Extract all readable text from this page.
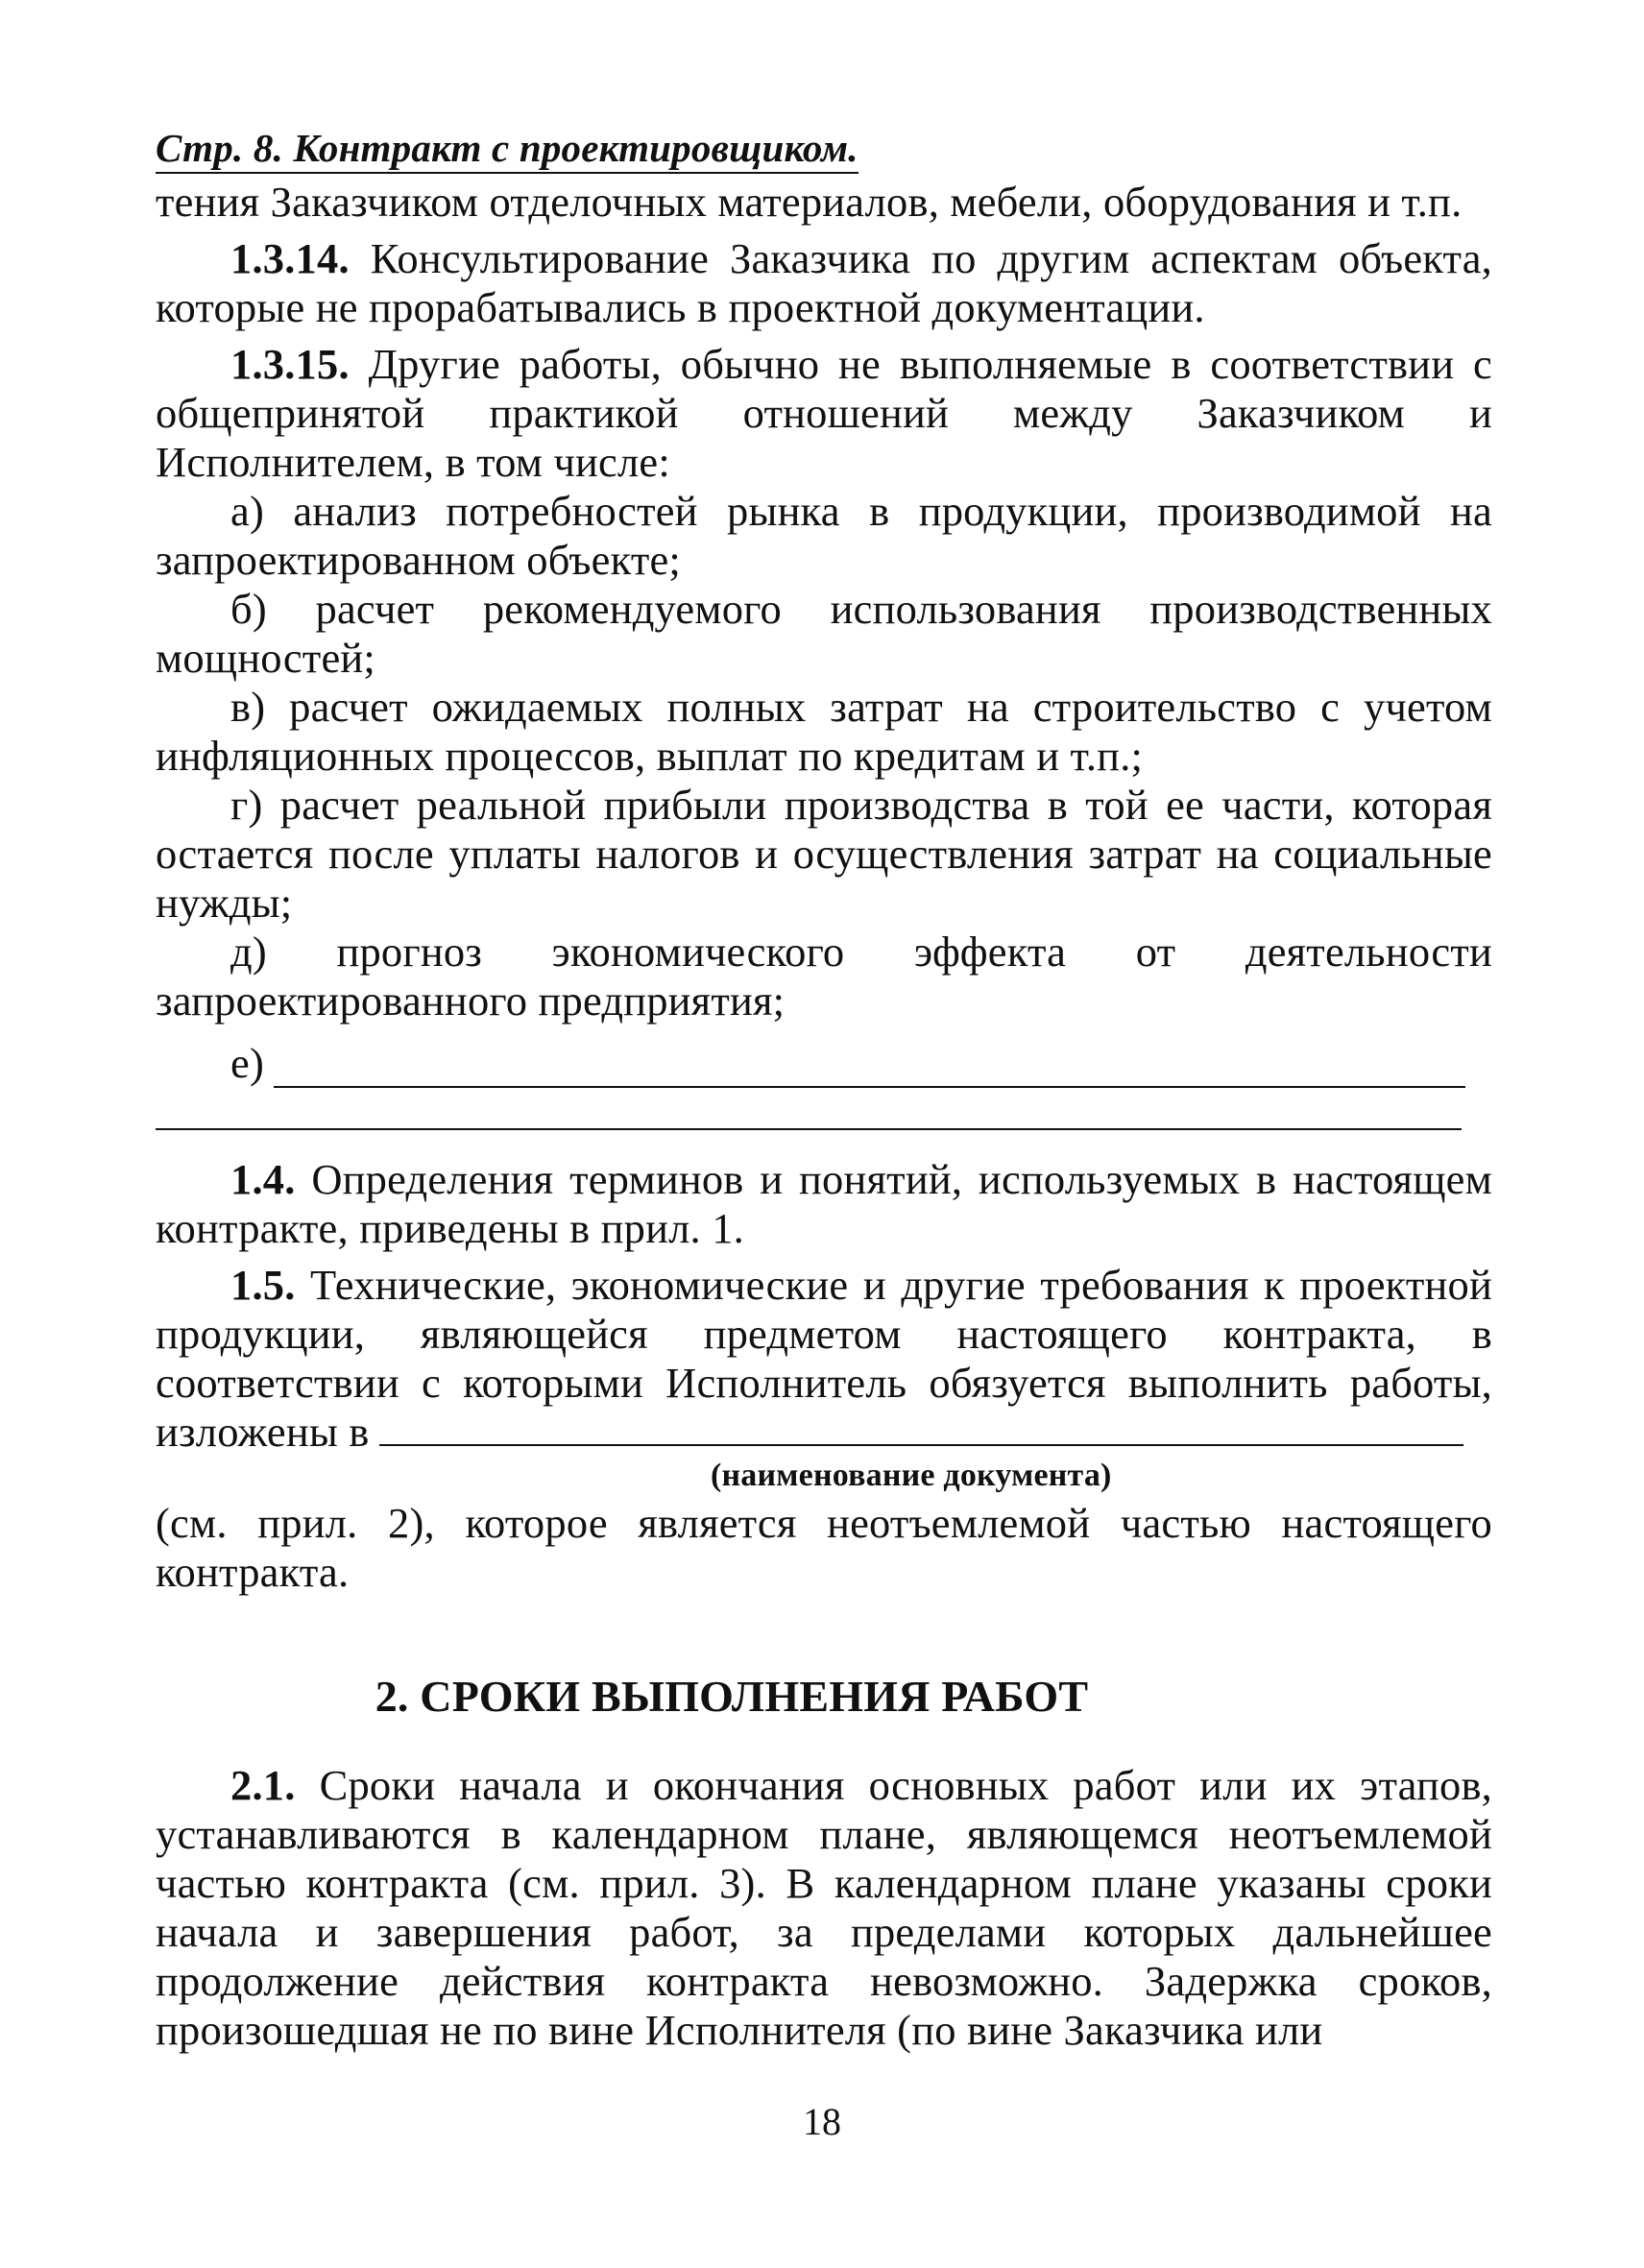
Стр. 8. Контракт с проектировщиком.

тения Заказчиком отделочных материалов, мебели, оборудования и т.п.

1.3.14. Консультирование Заказчика по другим аспектам объекта, которые не прорабатывались в проектной документации.

1.3.15. Другие работы, обычно не выполняемые в соответствии с общепринятой практикой отношений между Заказчиком и Исполнителем, в том числе:

а) анализ потребностей рынка в продукции, производимой на запроектированном объекте;

б) расчет рекомендуемого использования производственных мощностей;

в) расчет ожидаемых полных затрат на строительство с учетом инфляционных процессов, выплат по кредитам и т.п.;

г) расчет реальной прибыли производства в той ее части, которая остается после уплаты налогов и осуществления затрат на социальные нужды;

д) прогноз экономического эффекта от деятельности запроектированного предприятия;

е)

1.4. Определения терминов и понятий, используемых в настоящем контракте, приведены в прил. 1.

1.5. Технические, экономические и другие требования к проектной продукции, являющейся предметом настоящего контракта, в соответствии с которыми Исполнитель обязуется выполнить работы, изложены в

(наименование документа)

(см. прил. 2), которое является неотъемлемой частью настоящего контракта.

2. СРОКИ ВЫПОЛНЕНИЯ РАБОТ

2.1. Сроки начала и окончания основных работ или их этапов, устанавливаются в календарном плане, являющемся неотъемлемой частью контракта (см. прил. 3). В календарном плане указаны сроки начала и завершения работ, за пределами которых дальнейшее продолжение действия контракта невозможно. Задержка сроков, произошедшая не по вине Исполнителя (по вине Заказчика или

18
